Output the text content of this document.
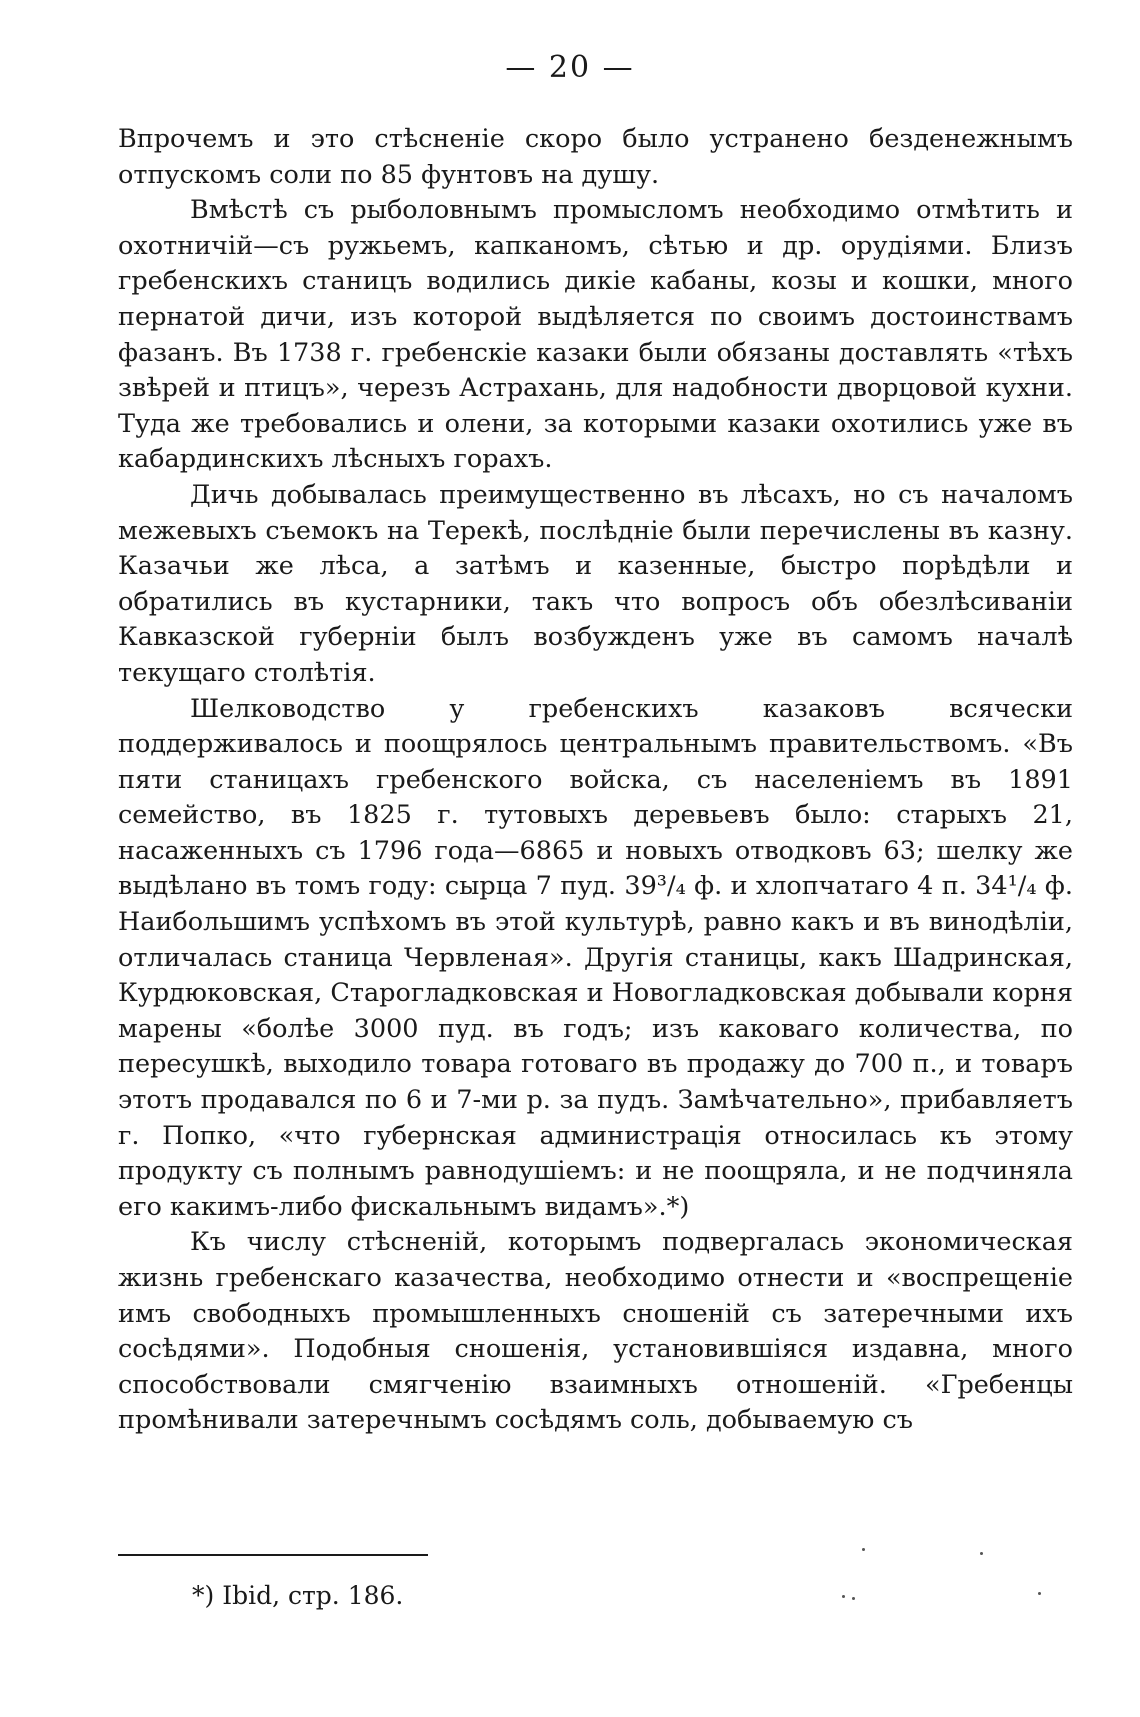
— 20 —

Впрочемъ и это стѣсненіе скоро было устранено безденежнымъ отпускомъ соли по 85 фунтовъ на душу.

Вмѣстѣ съ рыболовнымъ промысломъ необходимо отмѣтить и охотничій—съ ружьемъ, капканомъ, сѣтью и др. орудіями. Близъ гребенскихъ станицъ водились дикіе кабаны, козы и кошки, много пернатой дичи, изъ которой выдѣляется по своимъ достоинствамъ фазанъ. Въ 1738 г. гребенскіе казаки были обязаны доставлять «тѣхъ звѣрей и птицъ», черезъ Астрахань, для надобности дворцовой кухни. Туда же требовались и олени, за которыми казаки охотились уже въ кабардинскихъ лѣсныхъ горахъ.

Дичь добывалась преимущественно въ лѣсахъ, но съ началомъ межевыхъ съемокъ на Терекѣ, послѣдніе были перечислены въ казну. Казачьи же лѣса, а затѣмъ и казенные, быстро порѣдѣли и обратились въ кустарники, такъ что вопросъ объ обезлѣсиваніи Кавказской губерніи былъ возбужденъ уже въ самомъ началѣ текущаго столѣтія.

Шелководство у гребенскихъ казаковъ всячески поддерживалось и поощрялось центральнымъ правительствомъ. «Въ пяти станицахъ гребенского войска, съ населеніемъ въ 1891 семейство, въ 1825 г. тутовыхъ деревьевъ было: старыхъ 21, насаженныхъ съ 1796 года—6865 и новыхъ отводковъ 63; шелку же выдѣлано въ томъ году: сырца 7 пуд. 39³/₄ ф. и хлопчатаго 4 п. 34¹/₄ ф. Наибольшимъ успѣхомъ въ этой культурѣ, равно какъ и въ винодѣліи, отличалась станица Червленая». Другія станицы, какъ Шадринская, Курдюковская, Старогладковская и Новогладковская добывали корня марены «болѣе 3000 пуд. въ годъ; изъ каковаго количества, по пересушкѣ, выходило товара готоваго въ продажу до 700 п., и товаръ этотъ продавался по 6 и 7-ми р. за пудъ. Замѣчательно», прибавляетъ г. Попко, «что губернская администрація относилась къ этому продукту съ полнымъ равнодушіемъ: и не поощряла, и не подчиняла его какимъ-либо фискальнымъ видамъ».*)

Къ числу стѣсненій, которымъ подвергалась экономическая жизнь гребенскаго казачества, необходимо отнести и «воспрещеніе имъ свободныхъ промышленныхъ сношеній съ затеречными ихъ сосѣдями». Подобныя сношенія, установившіяся издавна, много способствовали смягченію взаимныхъ отношеній. «Гребенцы промѣнивали затеречнымъ сосѣдямъ соль, добываемую съ

*) Ibid, стр. 186.
